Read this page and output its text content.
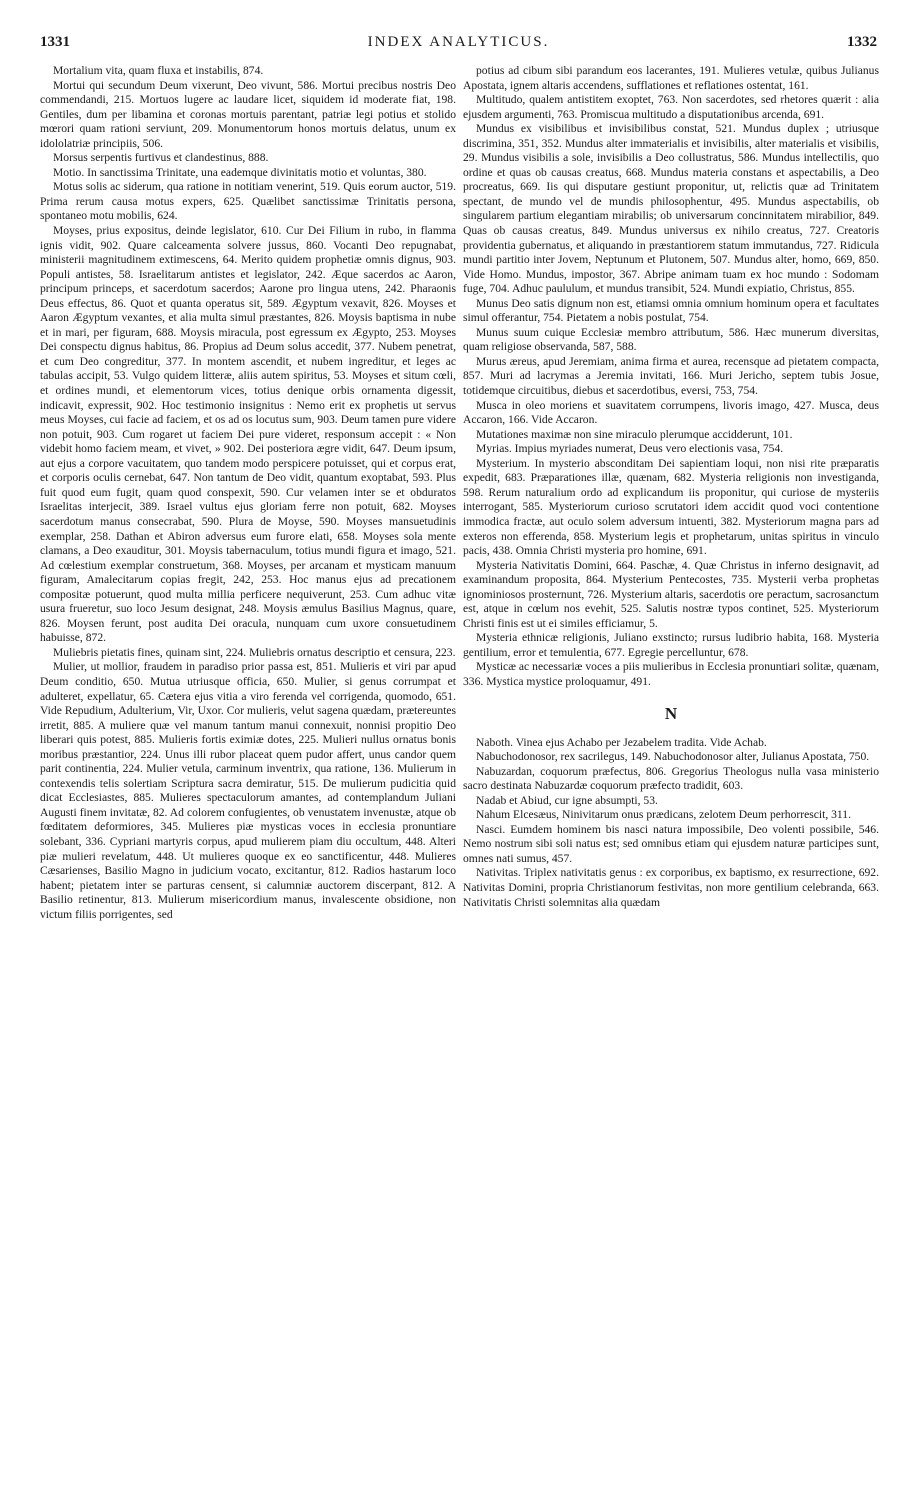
1331	INDEX ANALYTICUS.	1332

Mortalium vita, quam fluxa et instabilis, 874.

Mortui qui secundum Deum vixerunt, Deo vivunt, 586. Mortui precibus nostris Deo commendandi, 215. Mortuos lugere ac laudare licet, siquidem id moderate fiat, 198. Gentiles, dum per libamina et coronas mortuis parentant, patriæ legi potius et stolido mœrori quam rationi serviunt, 209. Monumentorum honos mortuis delatus, unum ex idololatriæ principiis, 506.

Morsus serpentis furtivus et clandestinus, 888.

Motio. In sanctissima Trinitate, una eademque divinitatis motio et voluntas, 380.

Motus solis ac siderum, qua ratione in notitiam venerint, 519. Quis eorum auctor, 519. Prima rerum causa motus expers, 625. Quælibet sanctissimæ Trinitatis persona, spontaneo motu mobilis, 624.

Moyses, prius expositus, deinde legislator, 610. Cur Dei Filium in rubo, in flamma ignis vidit, 902. Quare calceamenta solvere jussus, 860. Vocanti Deo repugnabat, ministerii magnitudinem extimescens, 64. Merito quidem prophetiæ omnis dignus, 903. Populi antistes, 58. Israelitarum antistes et legislator, 242. Æque sacerdos ac Aaron, principum princeps, et sacerdotum sacerdos; Aarone pro lingua utens, 242. Pharaonis Deus effectus, 86. Quot et quanta operatus sit, 589. Ægyptum vexavit, 826. Moyses et Aaron Ægyptum vexantes, et alia multa simul præstantes, 826. Moysis baptisma in nube et in mari, per figuram, 688. Moysis miracula, post egressum ex Ægypto, 253. Moyses Dei conspectu dignus habitus, 86. Propius ad Deum solus accedit, 377. Nubem penetrat, et cum Deo congreditur, 377. In montem ascendit, et nubem ingreditur, et leges ac tabulas accipit, 53. Vulgo quidem litteræ, aliis autem spiritus, 53. Moyses et situm cœli, et ordines mundi, et elementorum vices, totius denique orbis ornamenta digessit, indicavit, expressit, 902. Hoc testimonio insignitus : Nemo erit ex prophetis ut servus meus Moyses, cui facie ad faciem, et os ad os locutus sum, 903. Deum tamen pure videre non potuit, 903. Cum rogaret ut faciem Dei pure videret, responsum accepit : « Non videbit homo faciem meam, et vivet, » 902. Dei posteriora ægre vidit, 647. Deum ipsum, aut ejus a corpore vacuitatem, quo tandem modo perspicere potuisset, qui et corpus erat, et corporis oculis cernebat, 647. Non tantum de Deo vidit, quantum exoptabat, 593. Plus fuit quod eum fugit, quam quod conspexit, 590. Cur velamen inter se et obduratos Israelitas interjecit, 389. Israel vultus ejus gloriam ferre non potuit, 682. Moyses sacerdotum manus consecrabat, 590. Plura de Moyse, 590. Moyses mansuetudinis exemplar, 258. Dathan et Abiron adversus eum furore elati, 658. Moyses sola mente clamans, a Deo exauditur, 301. Moysis tabernaculum, totius mundi figura et imago, 521. Ad cœlestium exemplar construetum, 368. Moyses, per arcanam et mysticam manuum figuram, Amalecitarum copias fregit, 242, 253. Hoc manus ejus ad precationem compositæ potuerunt, quod multa millia perficere nequiverunt, 253. Cum adhuc vitæ usura frueretur, suo loco Jesum designat, 248. Moysis æmulus Basilius Magnus, quare, 826. Moysen ferunt, post audita Dei oracula, nunquam cum uxore consuetudinem habuisse, 872.

Muliebris pietatis fines, quinam sint, 224. Muliebris ornatus descriptio et censura, 223.

Mulier, ut mollior, fraudem in paradiso prior passa est, 851. Mulieris et viri par apud Deum conditio, 650. Mutua utriusque officia, 650. Mulier, si genus corrumpat et adulteret, expellatur, 65. Cætera ejus vitia a viro ferenda vel corrigenda, quomodo, 651. Vide Repudium, Adulterium, Vir, Uxor. Cor mulieris, velut sagena quædam, prætereuntes irretit, 885. A muliere quæ vel manum tantum manui connexuit, nonnisi propitio Deo liberari quis potest, 885. Mulieris fortis eximiæ dotes, 225. Mulieri nullus ornatus bonis moribus præstantior, 224. Unus illi rubor placeat quem pudor affert, unus candor quem parit continentia, 224. Mulier vetula, carminum inventrix, qua ratione, 136. Mulierum in contexendis telis solertiam Scriptura sacra demiratur, 515. De mulierum pudicitia quid dicat Ecclesiastes, 885. Mulieres spectaculorum amantes, ad contemplandum Juliani Augusti finem invitatæ, 82. Ad colorem confugientes, ob venustatem invenustæ, atque ob fœditatem deformiores, 345. Mulieres piæ mysticas voces in ecclesia pronuntiare solebant, 336. Cypriani martyris corpus, apud mulierem piam diu occultum, 448. Alteri piæ mulieri revelatum, 448. Ut mulieres quoque ex eo sanctificentur, 448. Mulieres Cæsarienses, Basilio Magno in judicium vocato, excitantur, 812. Radios hastarum loco habent; pietatem inter se parturas censent, si calumniæ auctorem discerpant, 812. A Basilio retinentur, 813. Mulierum misericordium manus, invalescente obsidione, non victum filiis porrigentes, sed

potius ad cibum sibi parandum eos lacerantes, 191. Mulieres vetulæ, quibus Julianus Apostata, ignem altaris accendens, sufflationes et reflationes ostentat, 161.

Multitudo, qualem antistitem exoptet, 763. Non sacerdotes, sed rhetores quærit : alia ejusdem argumenti, 763. Promiscua multitudo a disputationibus arcenda, 691.

Mundus ex visibilibus et invisibilibus constat, 521. Mundus duplex ; utriusque discrimina, 351, 352. Mundus alter immaterialis et invisibilis, alter materialis et visibilis, 29. Mundus visibilis a sole, invisibilis a Deo collustratus, 586. Mundus intellectilis, quo ordine et quas ob causas creatus, 668. Mundus materia constans et aspectabilis, a Deo procreatus, 669. Iis qui disputare gestiunt proponitur, ut, relictis quæ ad Trinitatem spectant, de mundo vel de mundis philosophentur, 495. Mundus aspectabilis, ob singularem partium elegantiam mirabilis; ob universarum concinnitatem mirabilior, 849. Quas ob causas creatus, 849. Mundus universus ex nihilo creatus, 727. Creatoris providentia gubernatus, et aliquando in præstantiorem statum immutandus, 727. Ridicula mundi partitio inter Jovem, Neptunum et Plutonem, 507. Mundus alter, homo, 669, 850. Vide Homo. Mundus, impostor, 367. Abripe animam tuam ex hoc mundo : Sodomam fuge, 704. Adhuc paululum, et mundus transibit, 524. Mundi expiatio, Christus, 855.

Munus Deo satis dignum non est, etiamsi omnia omnium hominum opera et facultates simul offerantur, 754. Pietatem a nobis postulat, 754.

Munus suum cuique Ecclesiæ membro attributum, 586. Hæc munerum diversitas, quam religiose observanda, 587, 588.

Murus æreus, apud Jeremiam, anima firma et aurea, recensque ad pietatem compacta, 857. Muri ad lacrymas a Jeremia invitati, 166. Muri Jericho, septem tubis Josue, totidemque circuitibus, diebus et sacerdotibus, eversi, 753, 754.

Musca in oleo moriens et suavitatem corrumpens, livoris imago, 427. Musca, deus Accaron, 166. Vide Accaron.

Mutationes maximæ non sine miraculo plerumque accidderunt, 101.

Myrias. Impius myriades numerat, Deus vero electionis vasa, 754.

Mysterium. In mysterio absconditam Dei sapientiam loqui, non nisi rite præparatis expedit, 683. Præparationes illæ, quænam, 682. Mysteria religionis non investiganda, 598. Rerum naturalium ordo ad explicandum iis proponitur, qui curiose de mysteriis interrogant, 585. Mysteriorum curioso scrutatori idem accidit quod voci contentione immodica fractæ, aut oculo solem adversum intuenti, 382. Mysteriorum magna pars ad exteros non efferenda, 858. Mysterium legis et prophetarum, unitas spiritus in vinculo pacis, 438. Omnia Christi mysteria pro homine, 691.

Mysteria Nativitatis Domini, 664. Paschæ, 4. Quæ Christus in inferno designavit, ad examinandum proposita, 864. Mysterium Pentecostes, 735. Mysterii verba prophetas ignominiosos prosternunt, 726. Mysterium altaris, sacerdotis ore peractum, sacrosanctum est, atque in cœlum nos evehit, 525. Salutis nostræ typos continet, 525. Mysteriorum Christi finis est ut ei similes efficiamur, 5.

Mysteria ethnicæ religionis, Juliano exstincto; rursus ludibrio habita, 168. Mysteria gentilium, error et temulentia, 677. Egregie percelluntur, 678.

Mysticæ ac necessariæ voces a piis mulieribus in Ecclesia pronuntiari solitæ, quænam, 336. Mystica mystice proloquamur, 491.

N

Naboth. Vinea ejus Achabo per Jezabelem tradita. Vide Achab.

Nabuchodonosor, rex sacrilegus, 149. Nabuchodonosor alter, Julianus Apostata, 750.

Nabuzardan, coquorum præfectus, 806. Gregorius Theologus nulla vasa ministerio sacro destinata Nabuzardæ coquorum præfecto tradidit, 603.

Nadab et Abiud, cur igne absumpti, 53.

Nahum Elcesæus, Ninivitarum onus prædicans, zelotem Deum perhorrescit, 311.

Nasci. Eumdem hominem bis nasci natura impossibile, Deo volenti possibile, 546. Nemo nostrum sibi soli natus est; sed omnibus etiam qui ejusdem naturæ participes sunt, omnes nati sumus, 457.

Nativitas. Triplex nativitatis genus : ex corporibus, ex baptismo, ex resurrectione, 692. Nativitas Domini, propria Christianorum festivitas, non more gentilium celebranda, 663. Nativitatis Christi solemnitas alia quædam
